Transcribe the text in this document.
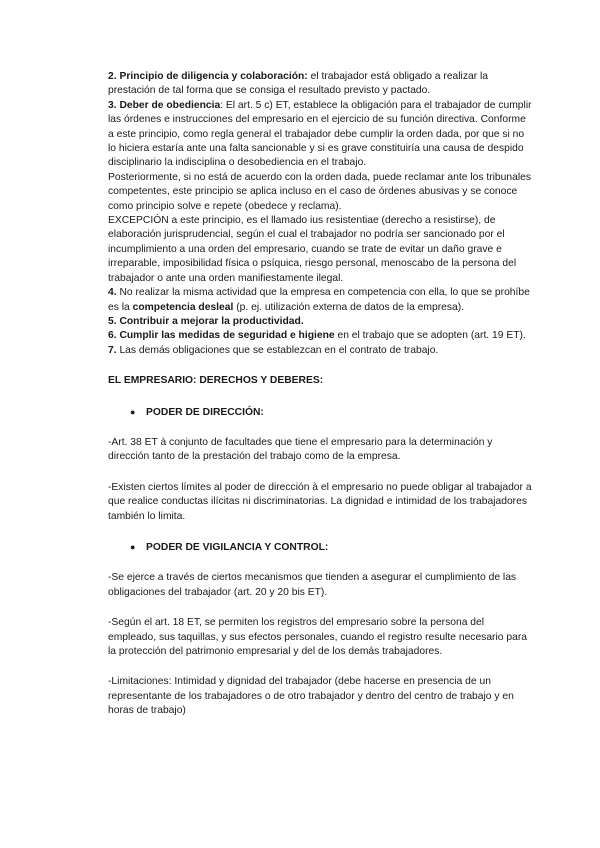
2. Principio de diligencia y colaboración: el trabajador está obligado a realizar la prestación de tal forma que se consiga el resultado previsto y pactado.

3. Deber de obediencia: El art. 5 c) ET, establece la obligación para el trabajador de cumplir las órdenes e instrucciones del empresario en el ejercicio de su función directiva. Conforme a este principio, como regla general el trabajador debe cumplir la orden dada, por que si no lo hiciera estaría ante una falta sancionable y si es grave constituiría una causa de despido disciplinario la indisciplina o desobediencia en el trabajo.

Posteriormente, si no está de acuerdo con la orden dada, puede reclamar ante los tribunales competentes, este principio se aplica incluso en el caso de órdenes abusivas y se conoce como principio solve e repete (obedece y reclama).

EXCEPCIÓN a este principio, es el llamado ius resistentiae (derecho a resistirse), de elaboración jurisprudencial, según el cual el trabajador no podría ser sancionado por el incumplimiento a una orden del empresario, cuando se trate de evitar un daño grave e irreparable, imposibilidad física o psíquica, riesgo personal, menoscabo de la persona del trabajador o ante una orden manifiestamente ilegal.

4. No realizar la misma actividad que la empresa en competencia con ella, lo que se prohíbe es la competencia desleal (p. ej. utilización externa de datos de la empresa).

5. Contribuir a mejorar la productividad.

6. Cumplir las medidas de seguridad e higiene en el trabajo que se adopten (art. 19 ET).

7. Las demás obligaciones que se establezcan en el contrato de trabajo.

EL EMPRESARIO: DERECHOS Y DEBERES:

●	PODER DE DIRECCIÓN:

-Art. 38 ET à conjunto de facultades que tiene el empresario para la determinación y dirección tanto de la prestación del trabajo como de la empresa.

-Existen ciertos límites al poder de dirección à el empresario no puede obligar al trabajador a que realice conductas ilícitas ni discriminatorias. La dignidad e intimidad de los trabajadores también lo limita.

●	PODER DE VIGILANCIA Y CONTROL:

-Se ejerce a través de ciertos mecanismos que tienden a asegurar el cumplimiento de las obligaciones del trabajador (art. 20 y 20 bis ET).

-Según el art. 18 ET, se permiten los registros del empresario sobre la persona del empleado, sus taquillas, y sus efectos personales, cuando el registro resulte necesario para la protección del patrimonio empresarial y del de los demás trabajadores.

-Limitaciones: Intimidad y dignidad del trabajador (debe hacerse en presencia de un representante de los trabajadores o de otro trabajador y dentro del centro de trabajo y en horas de trabajo)
